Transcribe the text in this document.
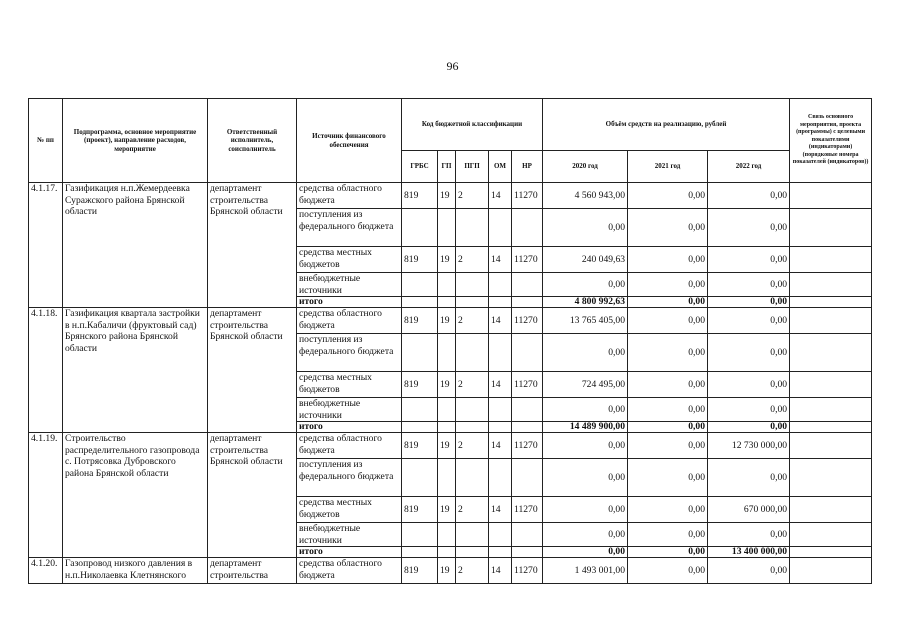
96
№ пп	Подпрограмма, основное мероприятие (проект), направление расходов, мероприятие	Ответственный исполнитель, соисполнитель	Источник финансового обеспечения	Код бюджетной классификации					Объём средств на реализацию, рублей			Связь основного мероприятия, проекта (программы) с целевыми показателями (индикаторами) (порядковые номера показателей (индикаторов))
				ГРБС	ГП	ПГП	ОМ	НР	2020 год	2021 год	2022 год	
4.1.17.	Газификация н.п.Жемердеевка Суражского района Брянской области	департамент строительства Брянской области	средства областного бюджета	819	19	2	14	11270	4 560 943,00	0,00	0,00	
			поступления из федерального бюджета						0,00	0,00	0,00	
			средства местных бюджетов	819	19	2	14	11270	240 049,63	0,00	0,00	
			внебюджетные источники						0,00	0,00	0,00	
			итого						4 800 992,63	0,00	0,00	
4.1.18.	Газификация квартала застройки в н.п.Кабаличи (фруктовый сад) Брянского района Брянской области	департамент строительства Брянской области	средства областного бюджета	819	19	2	14	11270	13 765 405,00	0,00	0,00	
			поступления из федерального бюджета						0,00	0,00	0,00	
			средства местных бюджетов	819	19	2	14	11270	724 495,00	0,00	0,00	
			внебюджетные источники						0,00	0,00	0,00	
			итого						14 489 900,00	0,00	0,00	
4.1.19.	Строительство распределительного газопровода с. Потрясовка Дубровского района Брянской области	департамент строительства Брянской области	средства областного бюджета	819	19	2	14	11270	0,00	0,00	12 730 000,00	
			поступления из федерального бюджета						0,00	0,00	0,00	
			средства местных бюджетов	819	19	2	14	11270	0,00	0,00	670 000,00	
			внебюджетные источники						0,00	0,00	0,00	
			итого						0,00	0,00	13 400 000,00	
4.1.20.	Газопровод низкого давления в н.п.Николаевка Клетнянского	департамент строительства	средства областного бюджета	819	19	2	14	11270	1 493 001,00	0,00	0,00	
